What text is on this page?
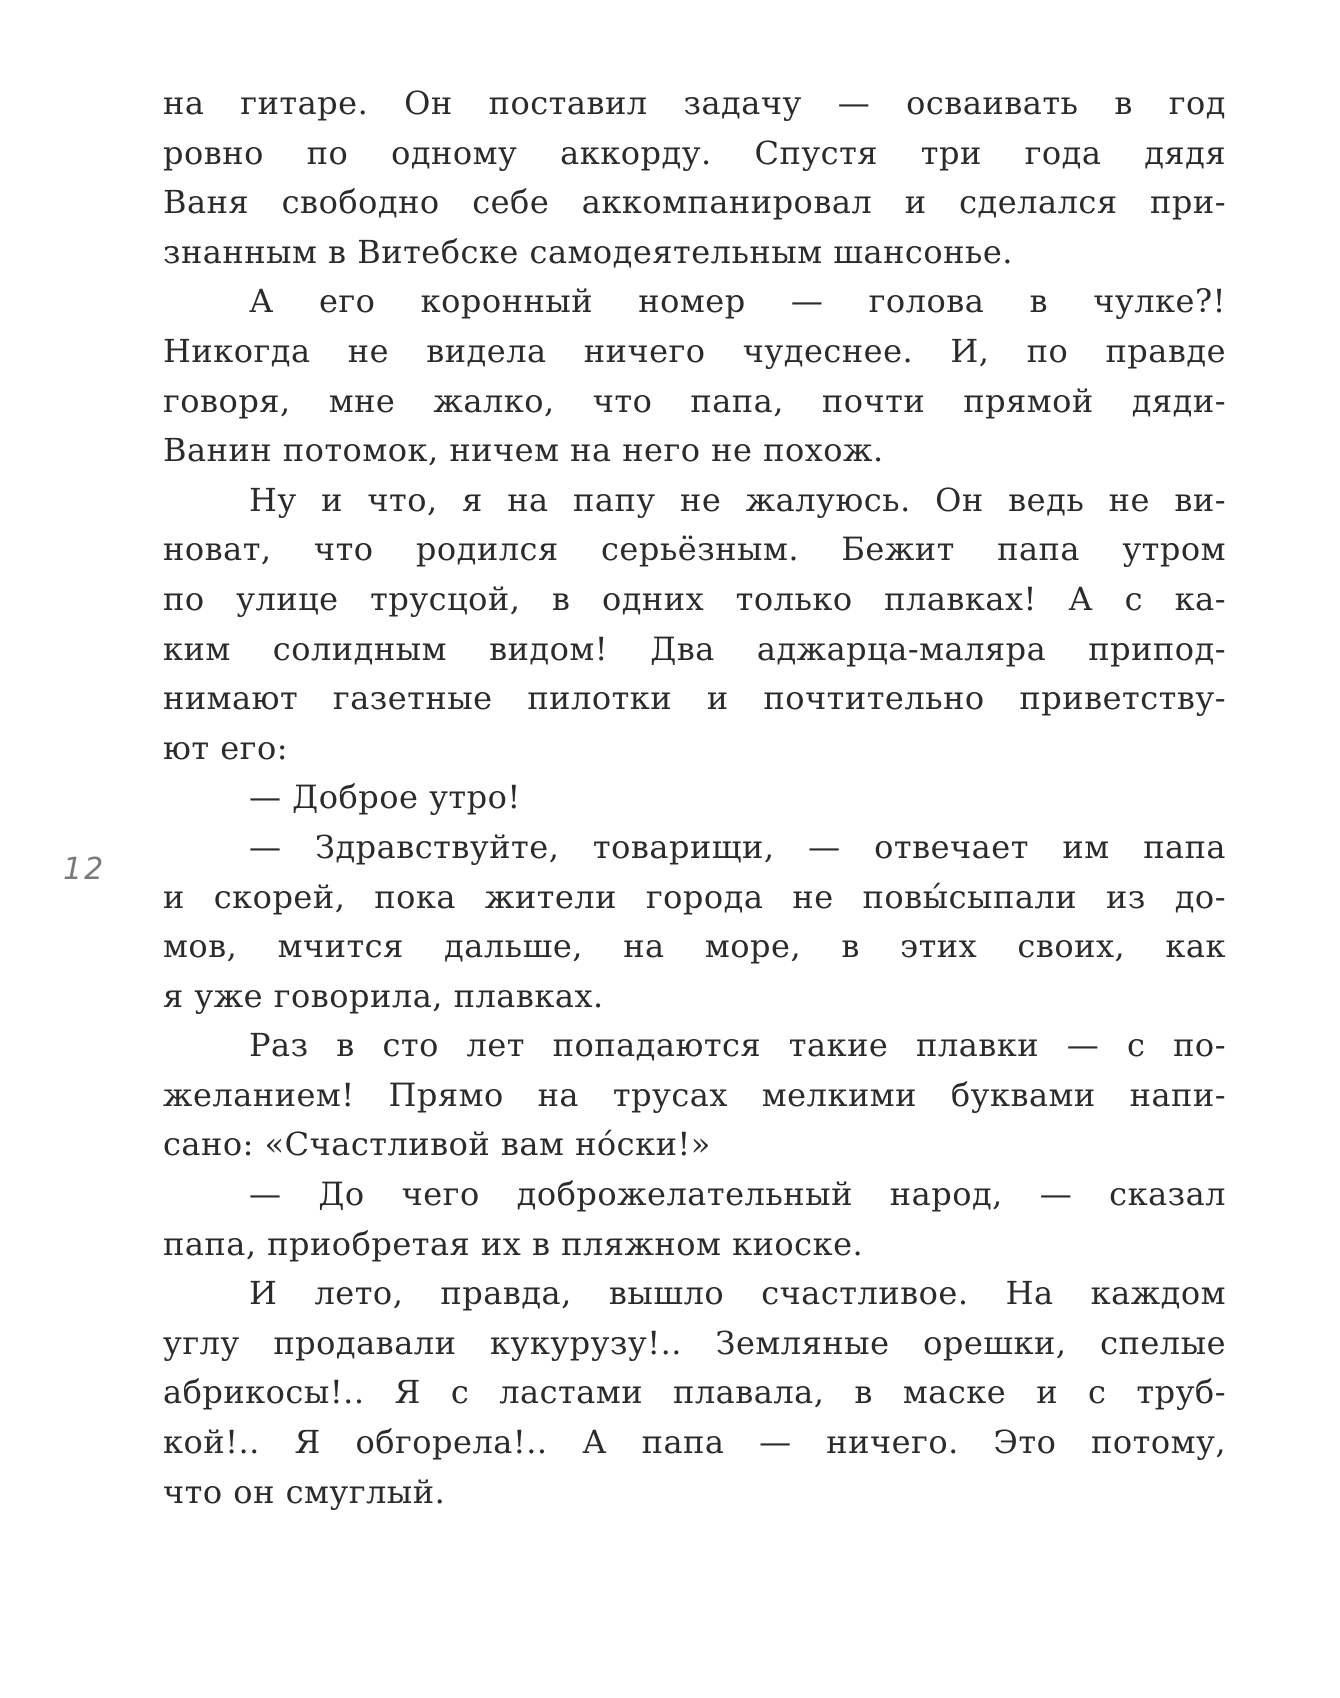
12
на гитаре. Он поставил задачу — осваивать в год
ровно по одному аккорду. Спустя три года дядя
Ваня свободно себе аккомпанировал и сделался при-
знанным в Витебске самодеятельным шансонье.
А его коронный номер — голова в чулке?!
Никогда не видела ничего чудеснее. И, по правде
говоря, мне жалко, что папа, почти прямой дяди-
Ванин потомок, ничем на него не похож.
Ну и что, я на папу не жалуюсь. Он ведь не ви-
новат, что родился серьёзным. Бежит папа утром
по улице трусцой, в одних только плавках! А с ка-
ким солидным видом! Два аджарца-маляра припод-
нимают газетные пилотки и почтительно приветству-
ют его:
— Доброе утро!
— Здравствуйте, товарищи, — отвечает им папа
и скорей, пока жители города не повы́сыпали из до-
мов, мчится дальше, на море, в этих своих, как
я уже говорила, плавках.
Раз в сто лет попадаются такие плавки — с по-
желанием! Прямо на трусах мелкими буквами напи-
сано: «Счастливой вам но́ски!»
— До чего доброжелательный народ, — сказал
папа, приобретая их в пляжном киоске.
И лето, правда, вышло счастливое. На каждом
углу продавали кукурузу!.. Земляные орешки, спелые
абрикосы!.. Я с ластами плавала, в маске и с труб-
кой!.. Я обгорела!.. А папа — ничего. Это потому,
что он смуглый.
